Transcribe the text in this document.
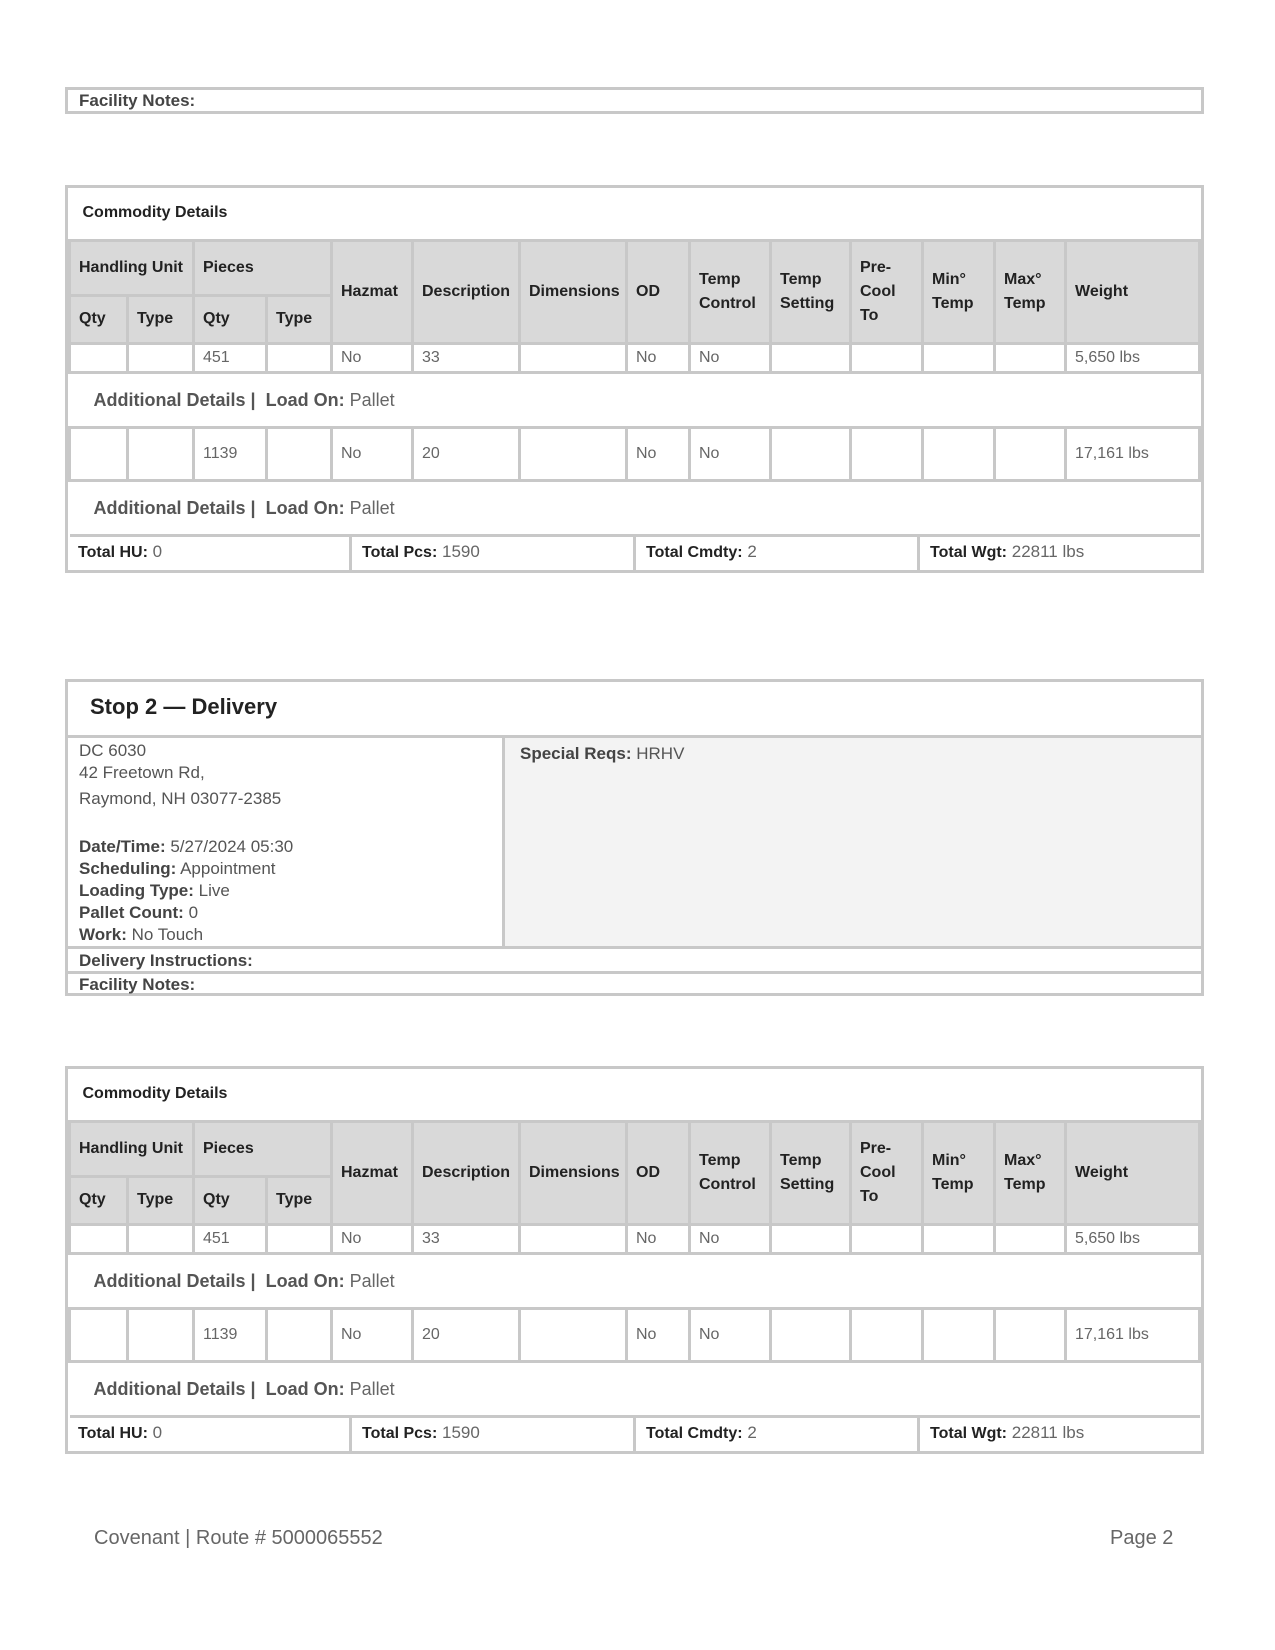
Facility Notes:
Commodity Details													
Handling Unit		Pieces		Hazmat	Description	Dimensions	OD	Temp Control	Temp Setting	Pre-Cool To	Min° Temp	Max° Temp	Weight
Qty	Type	Qty	Type										
		451		No	33		No	No					5,650 lbs
Additional Details | Load On: Pallet													
		1139		No	20		No	No					17,161 lbs
Additional Details | Load On: Pallet													
Total HU: 0	Total Pcs: 1590	Total Cmdty: 2	Total Wgt: 22811 lbs
Stop 2 — Delivery
DC 6030
42 Freetown Rd,
Raymond, NH 03077-2385
Date/Time: 5/27/2024 05:30
Scheduling: Appointment
Loading Type: Live
Pallet Count: 0
Work: No Touch
Special Reqs: HRHV
Delivery Instructions:
Facility Notes:
Commodity Details													
Handling Unit		Pieces		Hazmat	Description	Dimensions	OD	Temp Control	Temp Setting	Pre-Cool To	Min° Temp	Max° Temp	Weight
Qty	Type	Qty	Type										
		451		No	33		No	No					5,650 lbs
Additional Details | Load On: Pallet													
		1139		No	20		No	No					17,161 lbs
Additional Details | Load On: Pallet													
Total HU: 0	Total Pcs: 1590	Total Cmdty: 2	Total Wgt: 22811 lbs
Covenant | Route # 5000065552	Page 2
